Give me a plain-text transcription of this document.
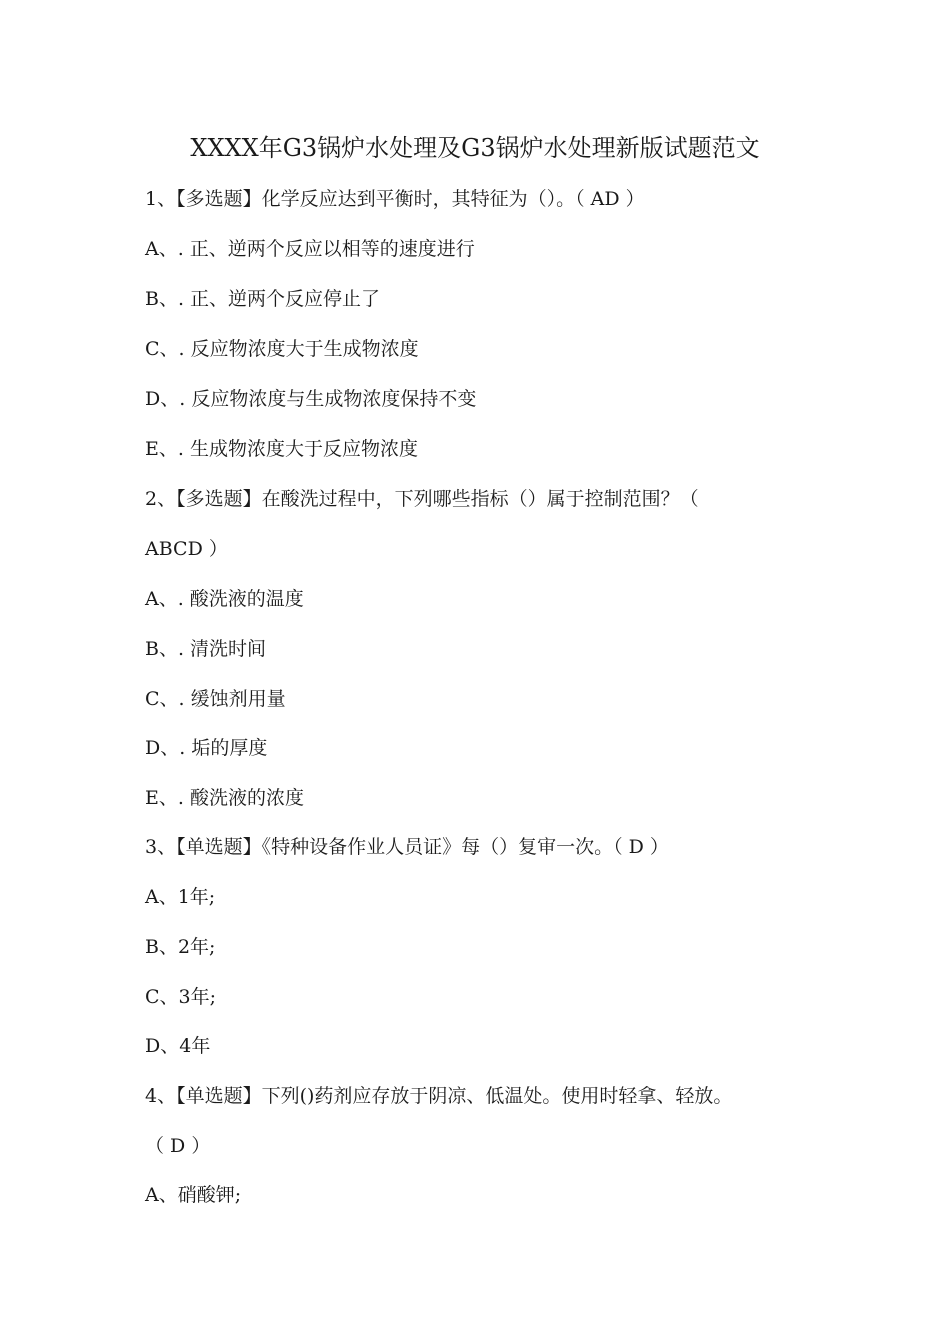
XXXX年G3锅炉水处理及G3锅炉水处理新版试题范文
1、【多选题】化学反应达到平衡时，其特征为（）。（ AD ）
A、. 正、逆两个反应以相等的速度进行
B、. 正、逆两个反应停止了
C、. 反应物浓度大于生成物浓度
D、. 反应物浓度与生成物浓度保持不变
E、. 生成物浓度大于反应物浓度
2、【多选题】在酸洗过程中，下列哪些指标（）属于控制范围？（
ABCD ）
A、. 酸洗液的温度
B、. 清洗时间
C、. 缓蚀剂用量
D、. 垢的厚度
E、. 酸洗液的浓度
3、【单选题】《特种设备作业人员证》每（）复审一次。（ D ）
A、1年;
B、2年;
C、3年;
D、4年
4、【单选题】下列()药剂应存放于阴凉、低温处。使用时轻拿、轻放。
（ D ）
A、硝酸钾;
